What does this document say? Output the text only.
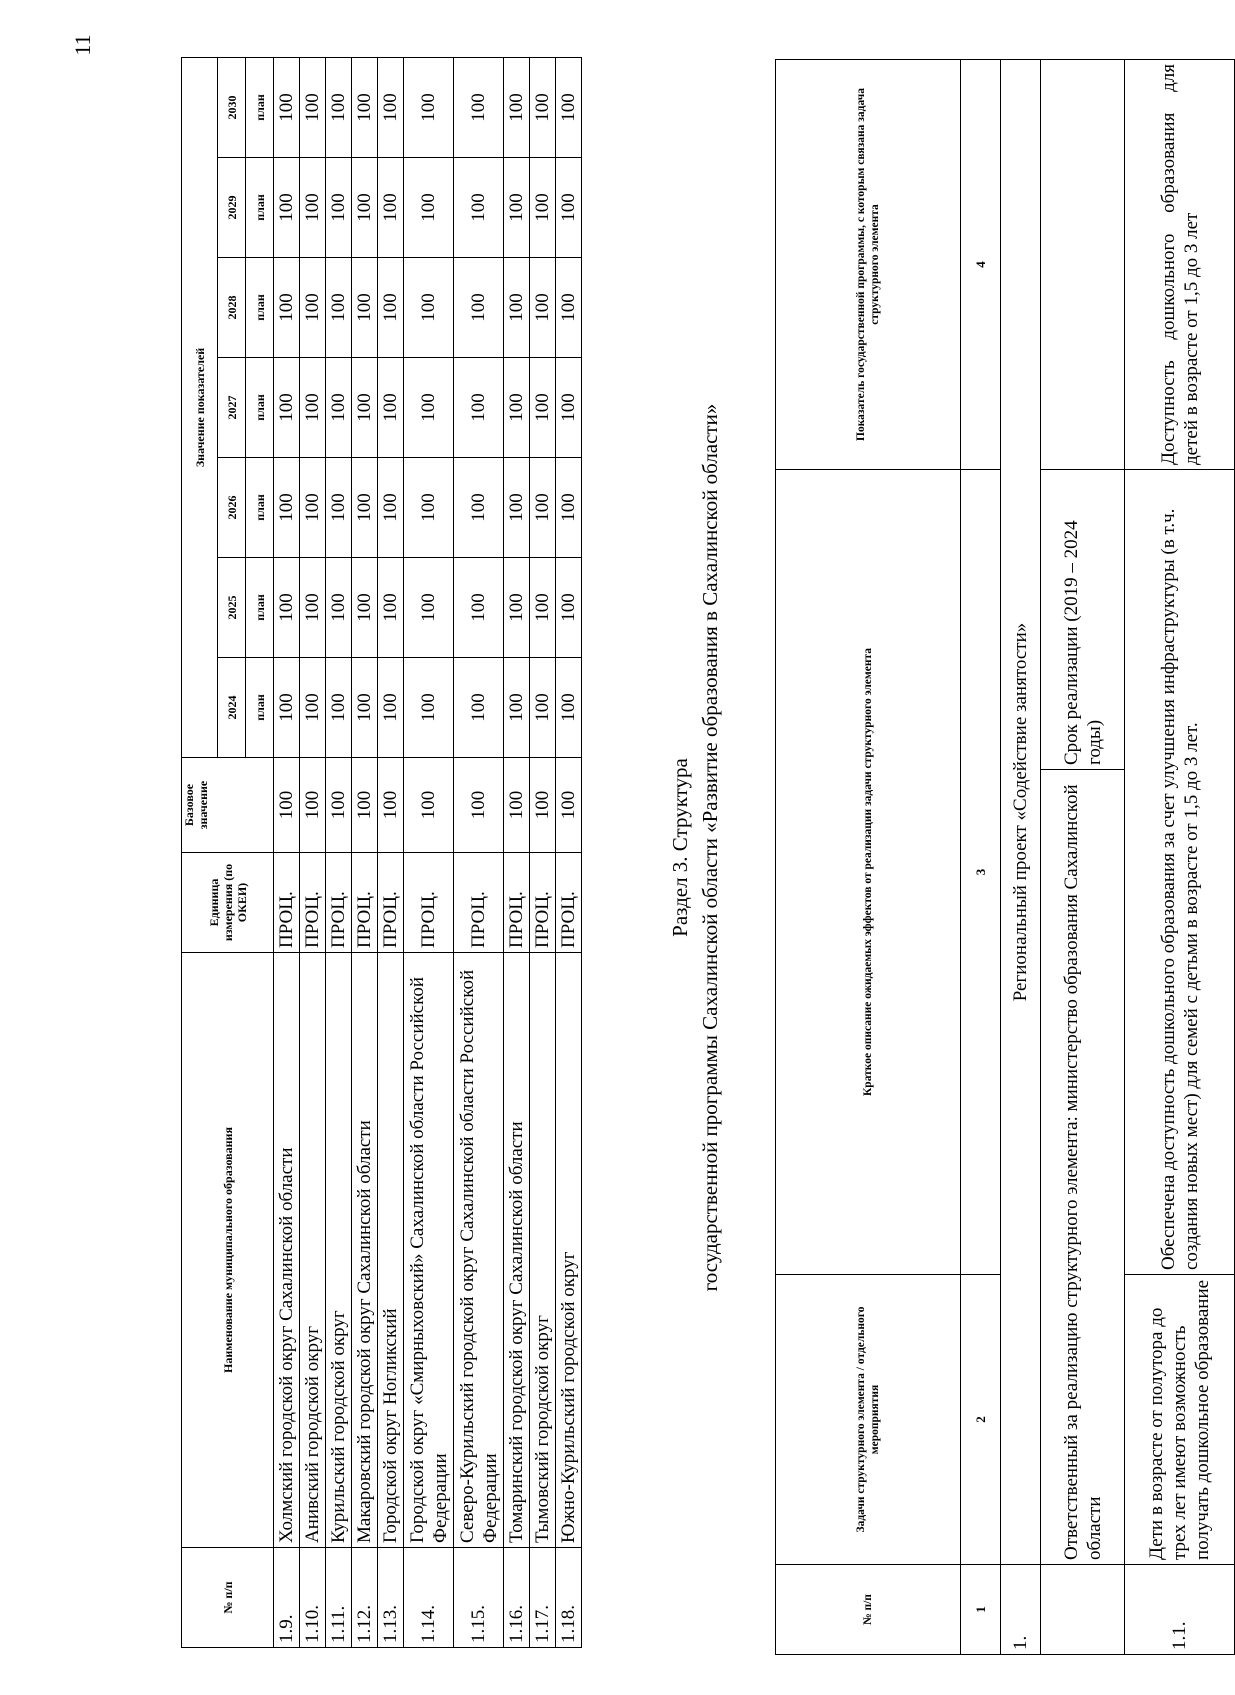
11
№ п/п	Наименование муниципального образования	Единица измерения (по ОКЕИ)	Базовое значение	Значение показателей						
				2024	2025	2026	2027	2028	2029	2030
				план	план	план	план	план	план	план
1.9.	Холмский городской округ Сахалинской области	ПРОЦ.	100	100	100	100	100	100	100	100
1.10.	Анивский городской округ	ПРОЦ.	100	100	100	100	100	100	100	100
1.11.	Курильский городской округ	ПРОЦ.	100	100	100	100	100	100	100	100
1.12.	Макаровский городской округ Сахалинской области	ПРОЦ.	100	100	100	100	100	100	100	100
1.13.	Городской округ Ногликский	ПРОЦ.	100	100	100	100	100	100	100	100
1.14.	Городской округ «Смирныховский» Сахалинской области Российской Федерации	ПРОЦ.	100	100	100	100	100	100	100	100
1.15.	Северо-Курильский городской округ Сахалинской области Российской Федерации	ПРОЦ.	100	100	100	100	100	100	100	100
1.16.	Томаринский городской округ Сахалинской области	ПРОЦ.	100	100	100	100	100	100	100	100
1.17.	Тымовский городской округ	ПРОЦ.	100	100	100	100	100	100	100	100
1.18.	Южно-Курильский городской округ	ПРОЦ.	100	100	100	100	100	100	100	100
Раздел 3. Структура государственной программы Сахалинской области «Развитие образования в Сахалинской области»
№ п/п	Задачи структурного элемента / отдельного мероприятия	Краткое описание ожидаемых эффектов от реализации задачи структурного элемента		Показатель государственной программы, с которым связана задача структурного элемента
1	2	3		4
1.	Региональный проект «Содействие занятости»			
	Ответственный за реализацию структурного элемента: министерство образования Сахалинской области		Срок реализации (2019 – 2024 годы)	
1.1.	Дети в возрасте от полутора до трех лет имеют возможность получать дошкольное образование	Обеспечена доступность дошкольного образования за счет улучшения инфраструктуры (в т.ч. создания новых мест) для семей с детьми в возрасте от 1,5 до 3 лет.		Доступность дошкольного образования для детей в возрасте от 1,5 до 3 лет
